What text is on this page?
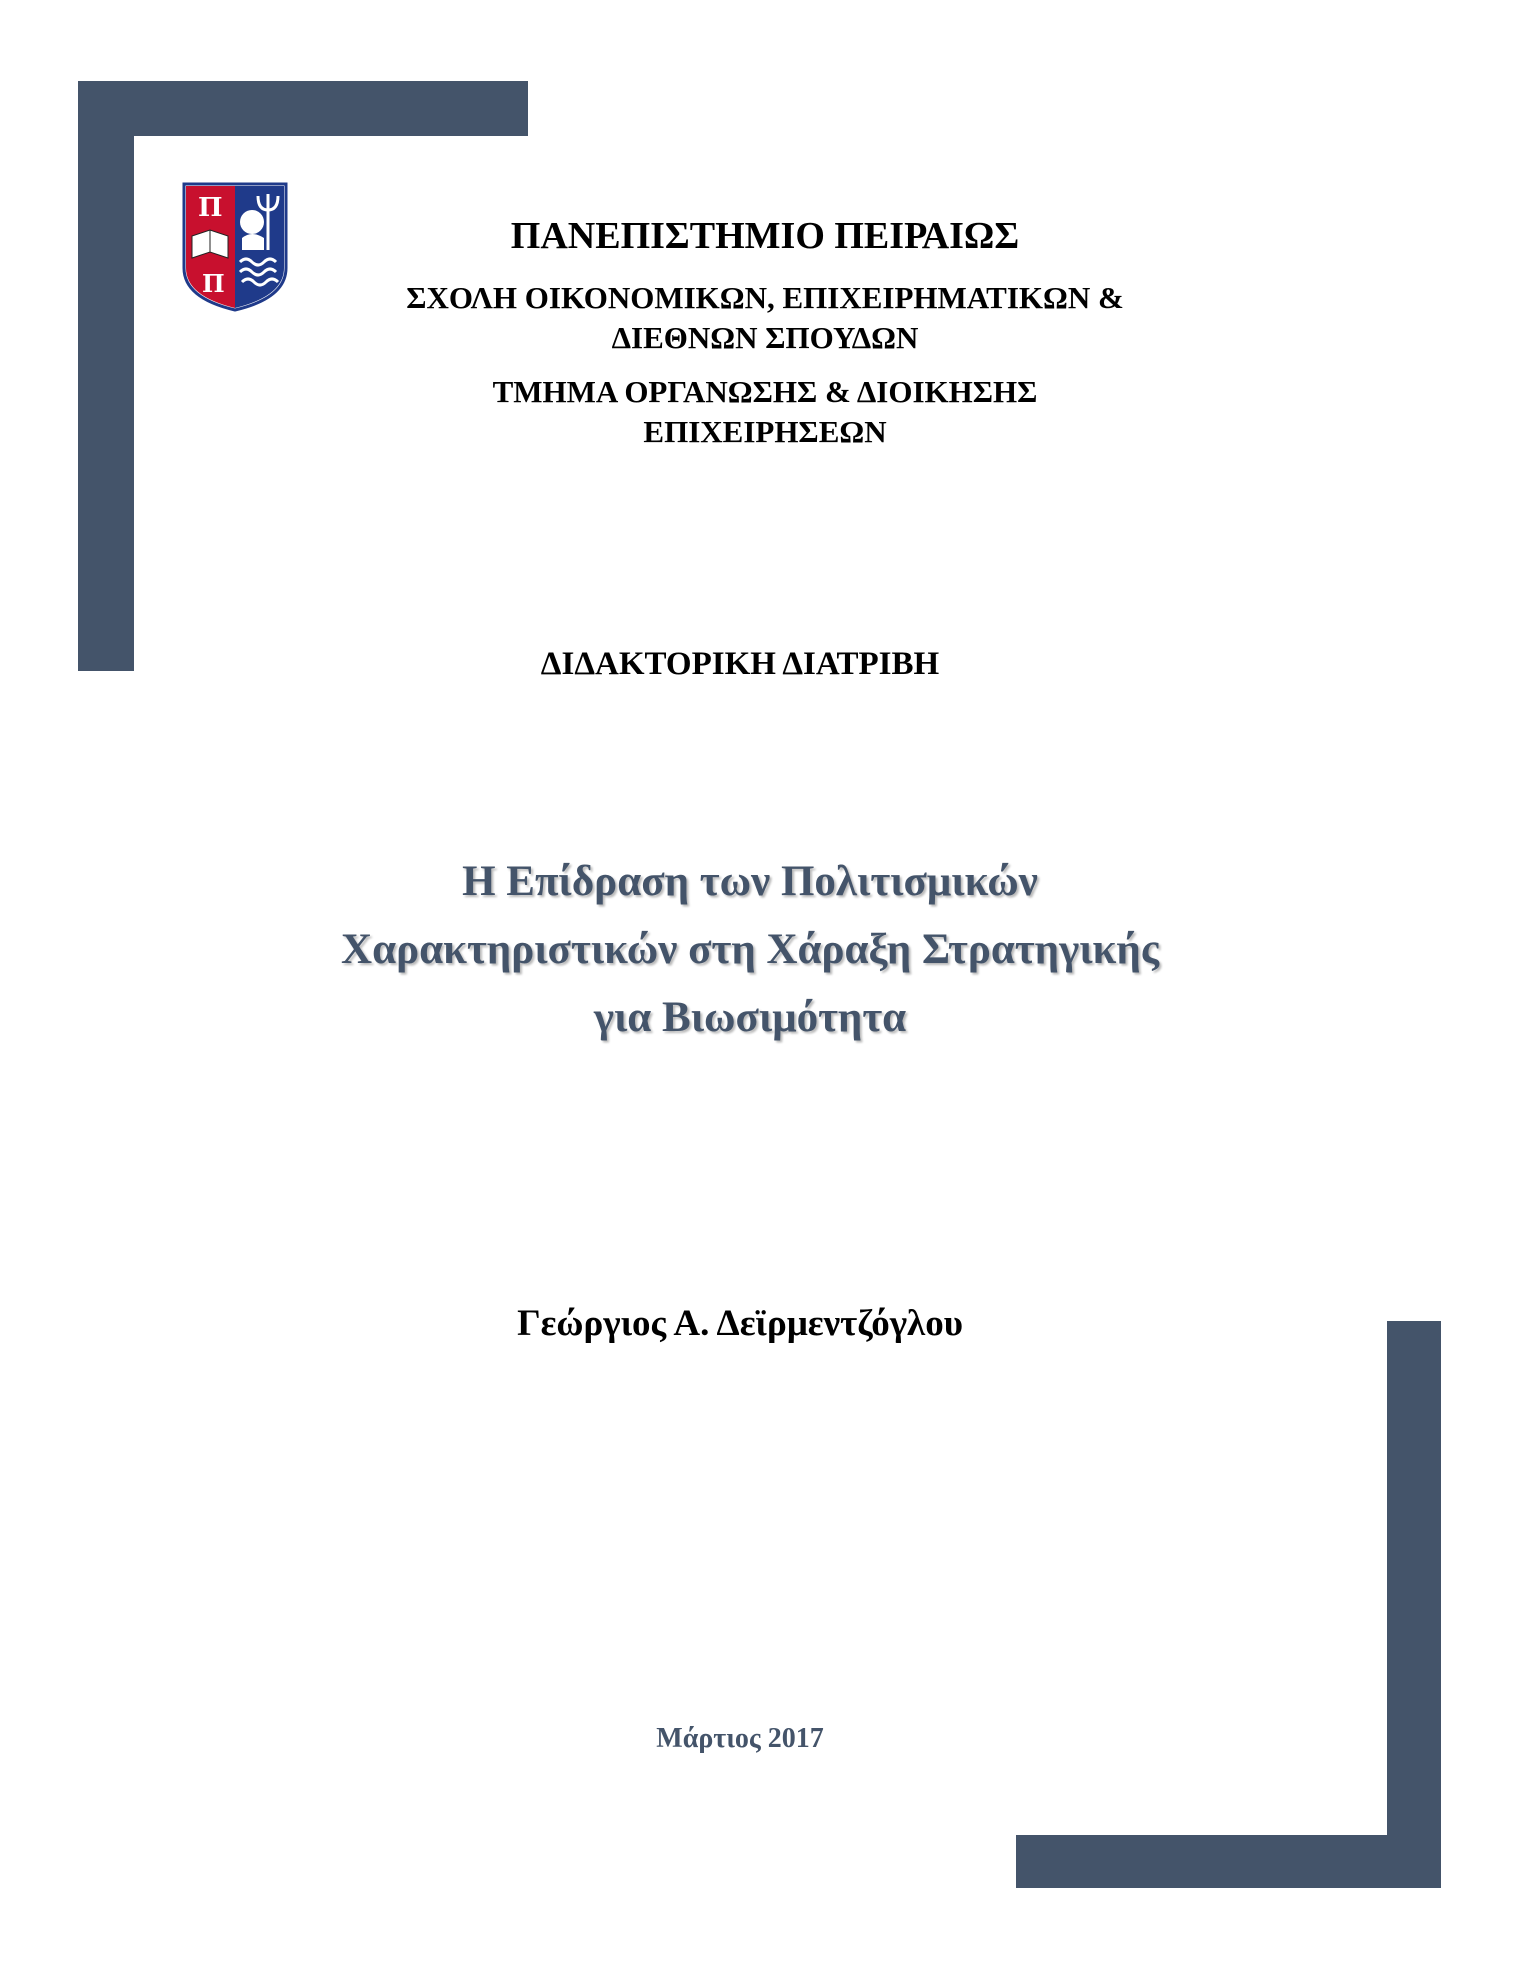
Π
Π
ΠΑΝΕΠΙΣΤΗΜΙΟ ΠΕΙΡΑΙΩΣ
ΣΧΟΛΗ ΟΙΚΟΝΟΜΙΚΩΝ, ΕΠΙΧΕΙΡΗΜΑΤΙΚΩΝ &
ΔΙΕΘΝΩΝ ΣΠΟΥΔΩΝ
ΤΜΗΜΑ ΟΡΓΑΝΩΣΗΣ & ΔΙΟΙΚΗΣΗΣ
ΕΠΙΧΕΙΡΗΣΕΩΝ
ΔΙΔΑΚΤΟΡΙΚΗ ΔΙΑΤΡΙΒΗ
Η Επίδραση των Πολιτισμικών
Χαρακτηριστικών στη Χάραξη Στρατηγικής
για Βιωσιμότητα
Γεώργιος Α. Δεϊρμεντζόγλου
Μάρτιος 2017
